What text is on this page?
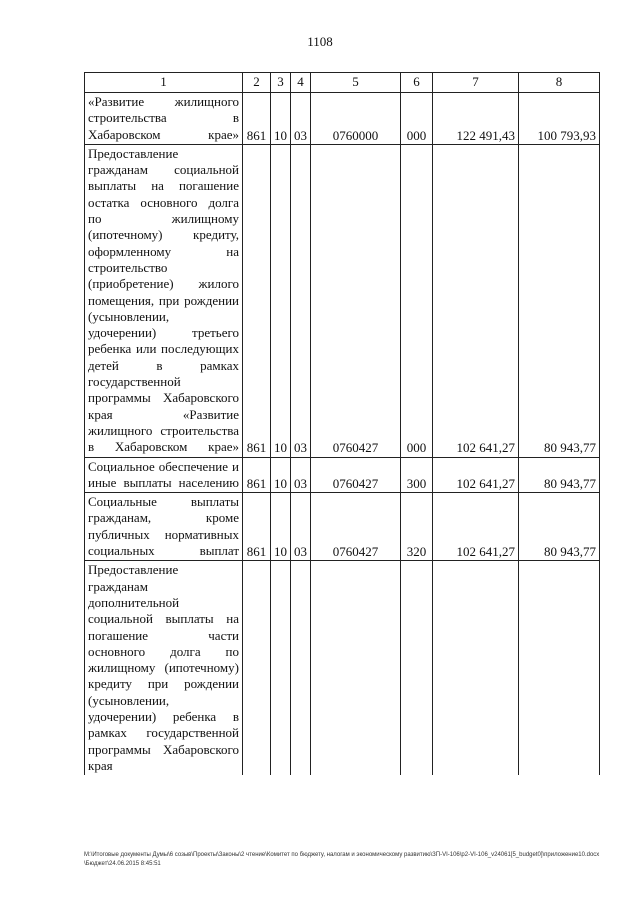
1108
1	2	3	4	5	6	7	8
«Развитие жилищного строительства в Хабаровском крае»	861	10	03	0760000	000	122 491,43	100 793,93
Предоставление гражданам социальной выплаты на погашение остатка основного долга по жилищному (ипотечному) кредиту, оформленному на строительство (приобретение) жилого помещения, при рождении (усыновлении, удочерении) третьего ребенка или последующих детей в рамках государственной программы Хабаровского края «Развитие жилищного строительства в Хабаровском крае»	861	10	03	0760427	000	102 641,27	80 943,77
Социальное обеспечение и иные выплаты населению	861	10	03	0760427	300	102 641,27	80 943,77
Социальные выплаты гражданам, кроме публичных нормативных социальных выплат	861	10	03	0760427	320	102 641,27	80 943,77
Предоставление гражданам дополнительной социальной выплаты на погашение части основного долга по жилищному (ипотечному) кредиту при рождении (усыновлении, удочерении) ребенка в рамках государственной программы Хабаровского края							
M:\Итоговые документы Думы\6 созыв\Проекты\Законы\2 чтение\Комитет по бюджету, налогам и экономическому развитию\ЗП-VI-106\р2-VI-106_v24061[5_budget0]\приложение10.docx\Бюджет\24.06.2015 8:45:51
